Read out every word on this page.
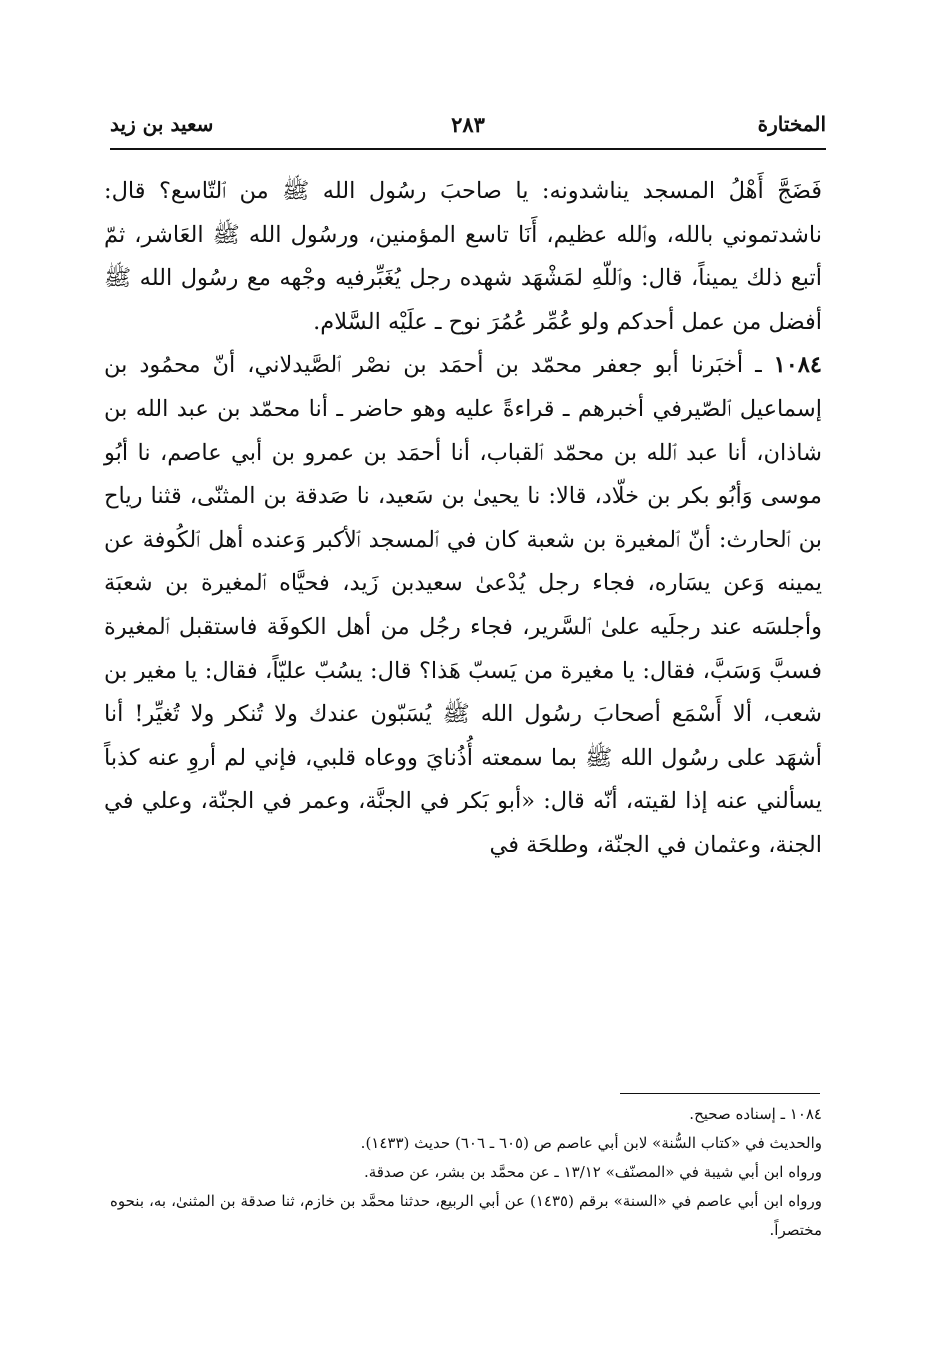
المختارة
٢٨٣
سعيد بن زيد

فَضَجَّ أَهْلُ المسجد يناشدونه: يا صاحبَ رسُول الله ﷺ من ٱلتّاسع؟ قال: ناشدتموني بالله، وٱلله عظيم، أَنَا تاسع المؤمنين، ورسُول الله ﷺ العَاشر، ثمّ أتبع ذلك يميناً، قال: وٱللّهِ لمَشْهَد شهده رجل يُغَبِّرفيه وجْهه مع رسُول الله ﷺ أفضل من عمل أحدكم ولو عُمِّر عُمُرَ نوح ـ علَيْه السَّلام.

١٠٨٤ ـ أخبَرنا أبو جعفر محمّد بن أحمَد بن نصْر ٱلصَّيدلاني، أنّ محمُود بن إسماعيل ٱلصّيرفي أخبرهم ـ قراءةً عليه وهو حاضر ـ أنا محمّد بن عبد الله بن شاذان، أنا عبد ٱلله بن محمّد ٱلقباب، أنا أحمَد بن عمرو بن أبي عاصم، نا أبُو موسى وَأبُو بكر بن خلّاد، قالا: نا يحيىٰ بن سَعيد، نا صَدقة بن المثنّى، قثنا رياح بن ٱلحارث: أنّ ٱلمغيرة بن شعبة كان في ٱلمسجد ٱلأكبر وَعنده أهل ٱلكُوفة عن يمينه وَعن يسَاره، فجاء رجل يُدْعىٰ سعيدبن زَيد، فحيَّاه ٱلمغيرة بن شعبَة وأجلسَه عند رجلَيه علىٰ ٱلسَّرير، فجاء رجُل من أهل الكوفَة فاستقبل ٱلمغيرة فسبَّ وَسَبَّ، فقال: يا مغيرة من يَسبّ هَذا؟ قال: يسُبّ عليّاً، فقال: يا مغير بن شعب، ألا أَسْمَع أصحابَ رسُول الله ﷺ يُسَبّون عندك ولا تُنكر ولا تُغيِّر! أنا أشهَد على رسُول الله ﷺ بما سمعته أُذُنايَ ووعاه قلبي، فإني لم أروِ عنه كذباً يسألني عنه إذا لقيته، أنّه قال: «أبو بَكر في الجنَّة، وعمر في الجنّة، وعلي في الجنة، وعثمان في الجنّة، وطلحَة في

١٠٨٤ ـ إسناده صحيح.

والحديث في «كتاب السُّنة» لابن أبي عاصم ص (٦٠٥ ـ ٦٠٦) حديث (١٤٣٣).

ورواه ابن أبي شيبة في «المصنّف» ١٣/١٢ ـ عن محمَّد بن بشر، عن صدقة.

ورواه ابن أبي عاصم في «السنة» برقم (١٤٣٥) عن أبي الربيع، حدثنا محمَّد بن خازم، ثنا صدقة بن المثنىٰ، به، بنحوه مختصراً.
